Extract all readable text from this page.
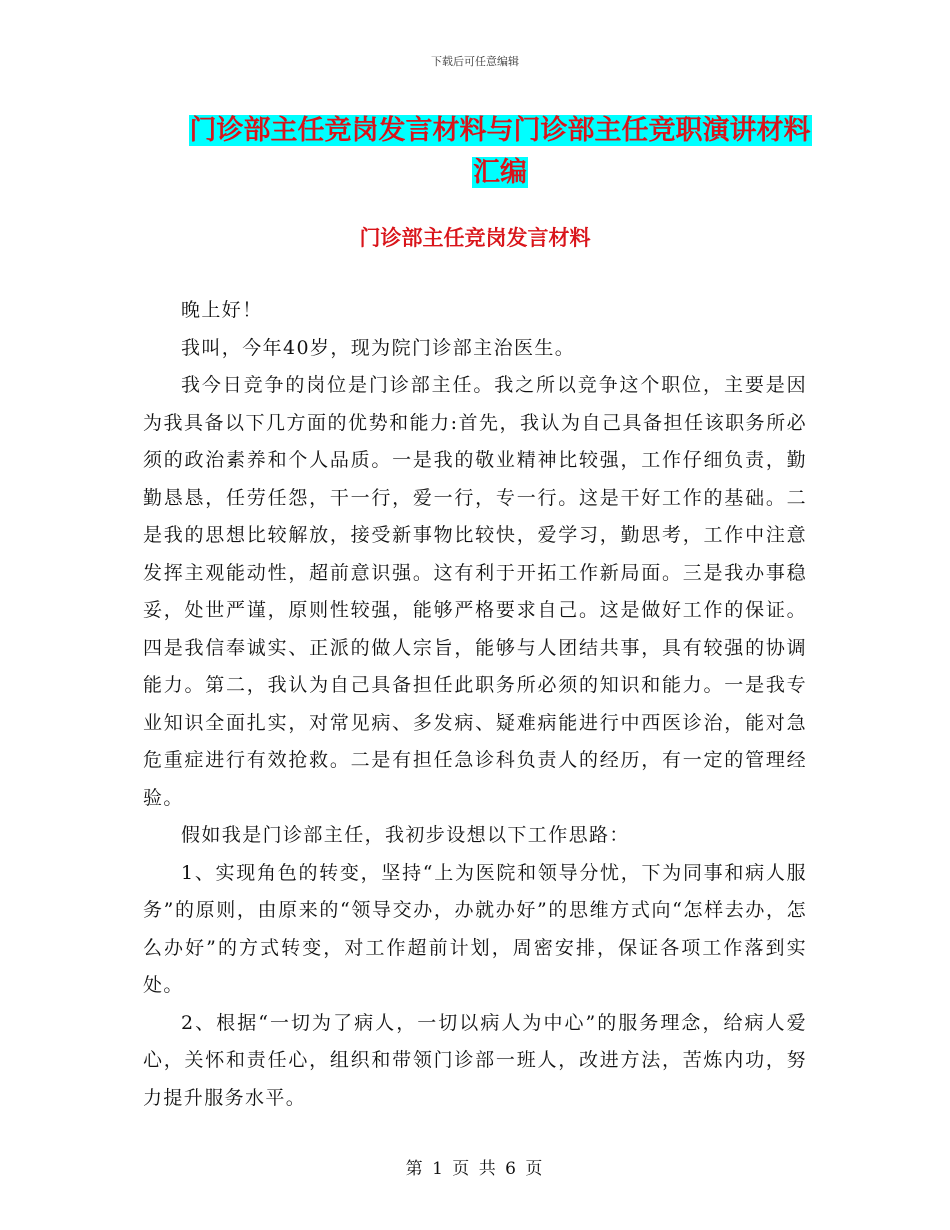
下载后可任意编辑
门诊部主任竞岗发言材料与门诊部主任竞职演讲材料
汇编
门诊部主任竞岗发言材料

晚上好！

我叫，今年40岁，现为院门诊部主治医生。

我今日竞争的岗位是门诊部主任。我之所以竞争这个职位，主要是因为我具备以下几方面的优势和能力:首先，我认为自己具备担任该职务所必须的政治素养和个人品质。一是我的敬业精神比较强，工作仔细负责，勤勤恳恳，任劳任怨，干一行，爱一行，专一行。这是干好工作的基础。二是我的思想比较解放，接受新事物比较快，爱学习，勤思考，工作中注意发挥主观能动性，超前意识强。这有利于开拓工作新局面。三是我办事稳妥，处世严谨，原则性较强，能够严格要求自己。这是做好工作的保证。四是我信奉诚实、正派的做人宗旨，能够与人团结共事，具有较强的协调能力。第二，我认为自己具备担任此职务所必须的知识和能力。一是我专业知识全面扎实，对常见病、多发病、疑难病能进行中西医诊治，能对急危重症进行有效抢救。二是有担任急诊科负责人的经历，有一定的管理经验。

假如我是门诊部主任，我初步设想以下工作思路：

1、实现角色的转变，坚持“上为医院和领导分忧，下为同事和病人服务”的原则，由原来的“领导交办，办就办好”的思维方式向“怎样去办，怎么办好”的方式转变，对工作超前计划，周密安排，保证各项工作落到实处。

2、根据“一切为了病人，一切以病人为中心”的服务理念，给病人爱心，关怀和责任心，组织和带领门诊部一班人，改进方法，苦炼内功，努力提升服务水平。

第 1 页 共 6 页
